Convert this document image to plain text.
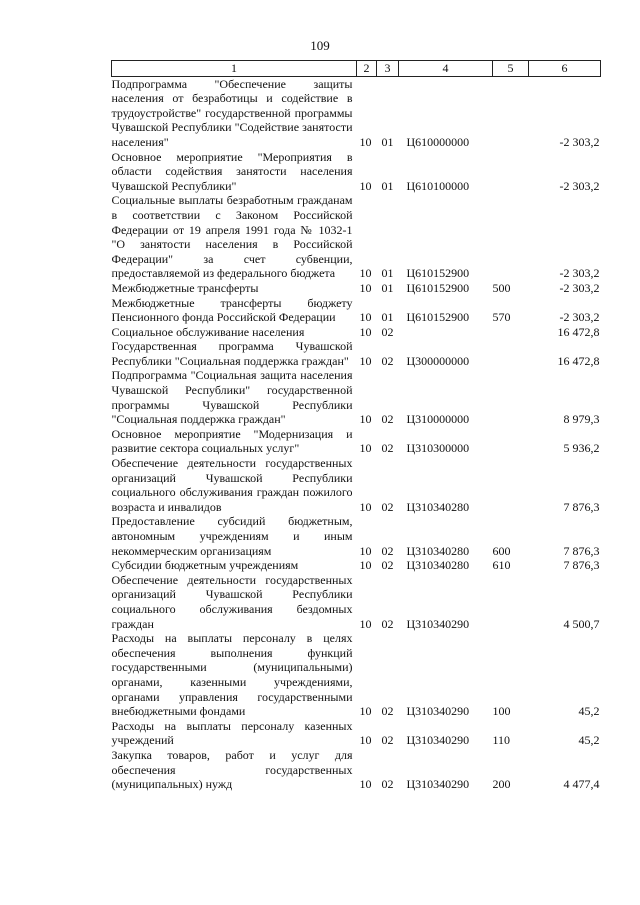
109
1	2	3	4	5	6
Подпрограмма "Обеспечение защиты населения от безработицы и содействие в трудоустройстве" государственной программы Чувашской Республики "Содействие занятости населения"	10	01	Ц610000000		-2 303,2
Основное мероприятие "Мероприятия в области содействия занятости населения Чувашской Республики"	10	01	Ц610100000		-2 303,2
Социальные выплаты безработным гражданам в соответствии с Законом Российской Федерации от 19 апреля 1991 года № 1032-1 "О занятости населения в Российской Федерации" за счет субвенции, предоставляемой из федерального бюджета	10	01	Ц610152900		-2 303,2
Межбюджетные трансферты	10	01	Ц610152900	500	-2 303,2
Межбюджетные трансферты бюджету Пенсионного фонда Российской Федерации	10	01	Ц610152900	570	-2 303,2
Социальное обслуживание населения	10	02			16 472,8
Государственная программа Чувашской Республики "Социальная поддержка граждан"	10	02	Ц300000000		16 472,8
Подпрограмма "Социальная защита населения Чувашской Республики" государственной программы Чувашской Республики "Социальная поддержка граждан"	10	02	Ц310000000		8 979,3
Основное мероприятие "Модернизация и развитие сектора социальных услуг"	10	02	Ц310300000		5 936,2
Обеспечение деятельности государственных организаций Чувашской Республики социального обслуживания граждан пожилого возраста и инвалидов	10	02	Ц310340280		7 876,3
Предоставление субсидий бюджетным, автономным учреждениям и иным некоммерческим организациям	10	02	Ц310340280	600	7 876,3
Субсидии бюджетным учреждениям	10	02	Ц310340280	610	7 876,3
Обеспечение деятельности государственных организаций Чувашской Республики социального обслуживания бездомных граждан	10	02	Ц310340290		4 500,7
Расходы на выплаты персоналу в целях обеспечения выполнения функций государственными (муниципальными) органами, казенными учреждениями, органами управления государственными внебюджетными фондами	10	02	Ц310340290	100	45,2
Расходы на выплаты персоналу казенных учреждений	10	02	Ц310340290	110	45,2
Закупка товаров, работ и услуг для обеспечения государственных (муниципальных) нужд	10	02	Ц310340290	200	4 477,4
